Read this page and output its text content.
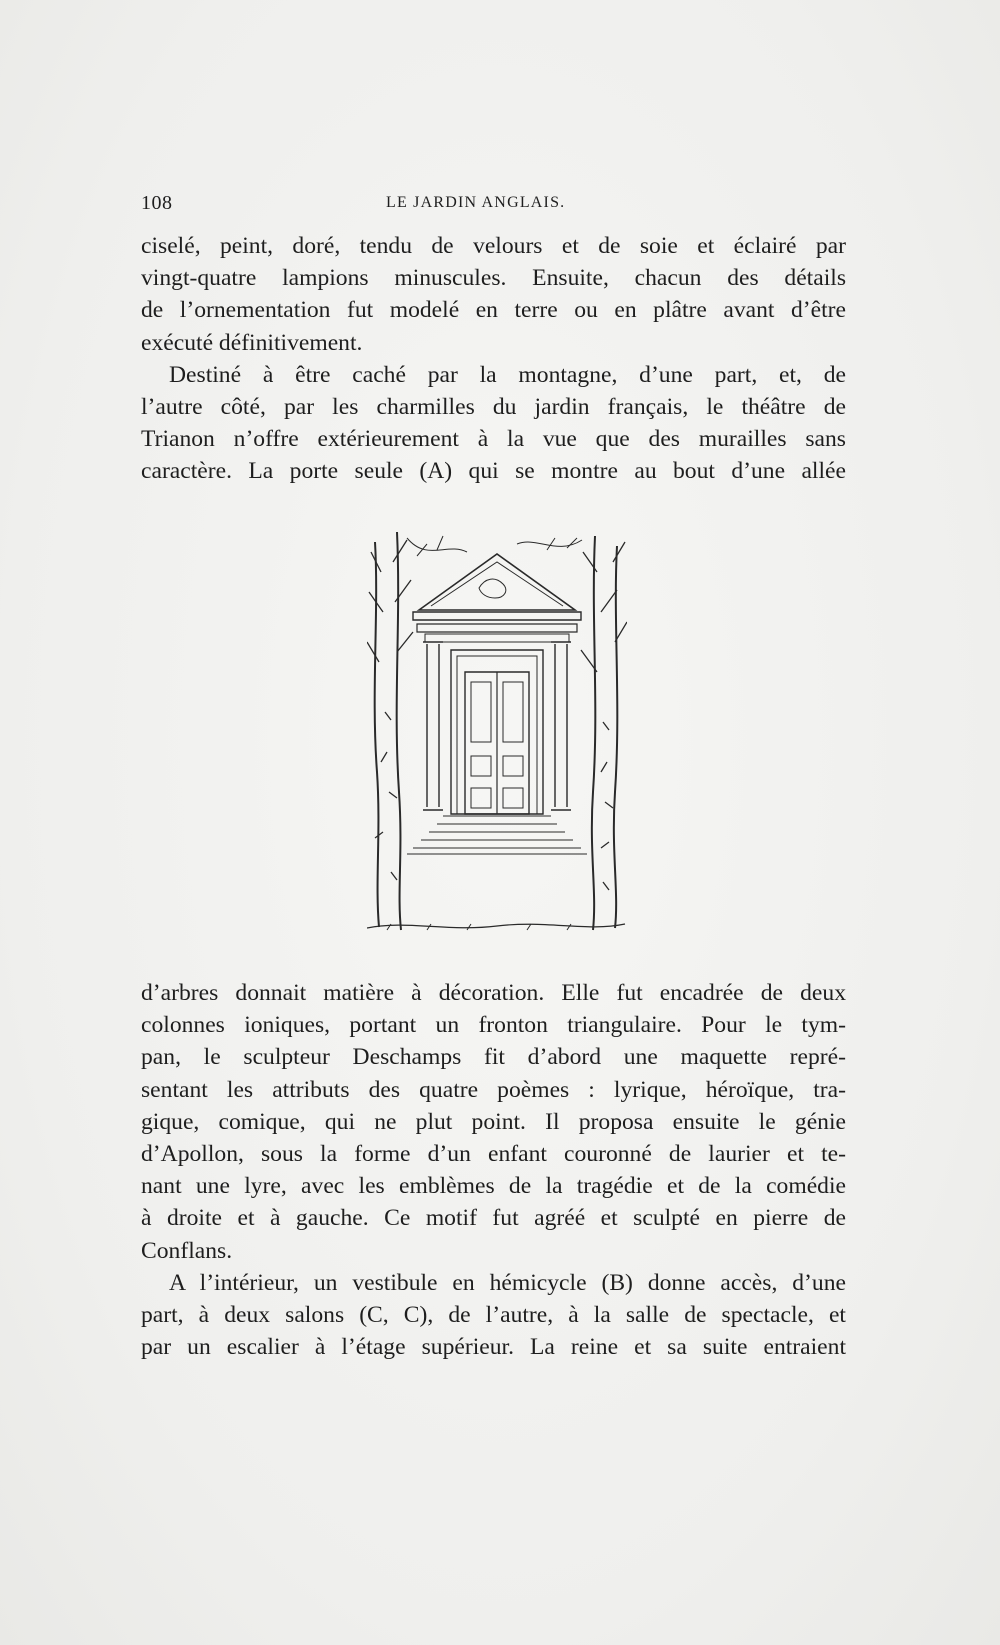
108	LE JARDIN ANGLAIS.
ciselé, peint, doré, tendu de velours et de soie et éclairé par
vingt-quatre lampions minuscules. Ensuite, chacun des détails
de l’ornementation fut modelé en terre ou en plâtre avant d’être
exécuté définitivement.
Destiné à être caché par la montagne, d’une part, et, de
l’autre côté, par les charmilles du jardin français, le théâtre de
Trianon n’offre extérieurement à la vue que des murailles sans
caractère. La porte seule (A) qui se montre au bout d’une allée
d’arbres donnait matière à décoration. Elle fut encadrée de deux
colonnes ioniques, portant un fronton triangulaire. Pour le tym-
pan, le sculpteur Deschamps fit d’abord une maquette repré-
sentant les attributs des quatre poèmes : lyrique, héroïque, tra-
gique, comique, qui ne plut point. Il proposa ensuite le génie
d’Apollon, sous la forme d’un enfant couronné de laurier et te-
nant une lyre, avec les emblèmes de la tragédie et de la comédie
à droite et à gauche. Ce motif fut agréé et sculpté en pierre de
Conflans.
A l’intérieur, un vestibule en hémicycle (B) donne accès, d’une
part, à deux salons (C, C), de l’autre, à la salle de spectacle, et
par un escalier à l’étage supérieur. La reine et sa suite entraient
